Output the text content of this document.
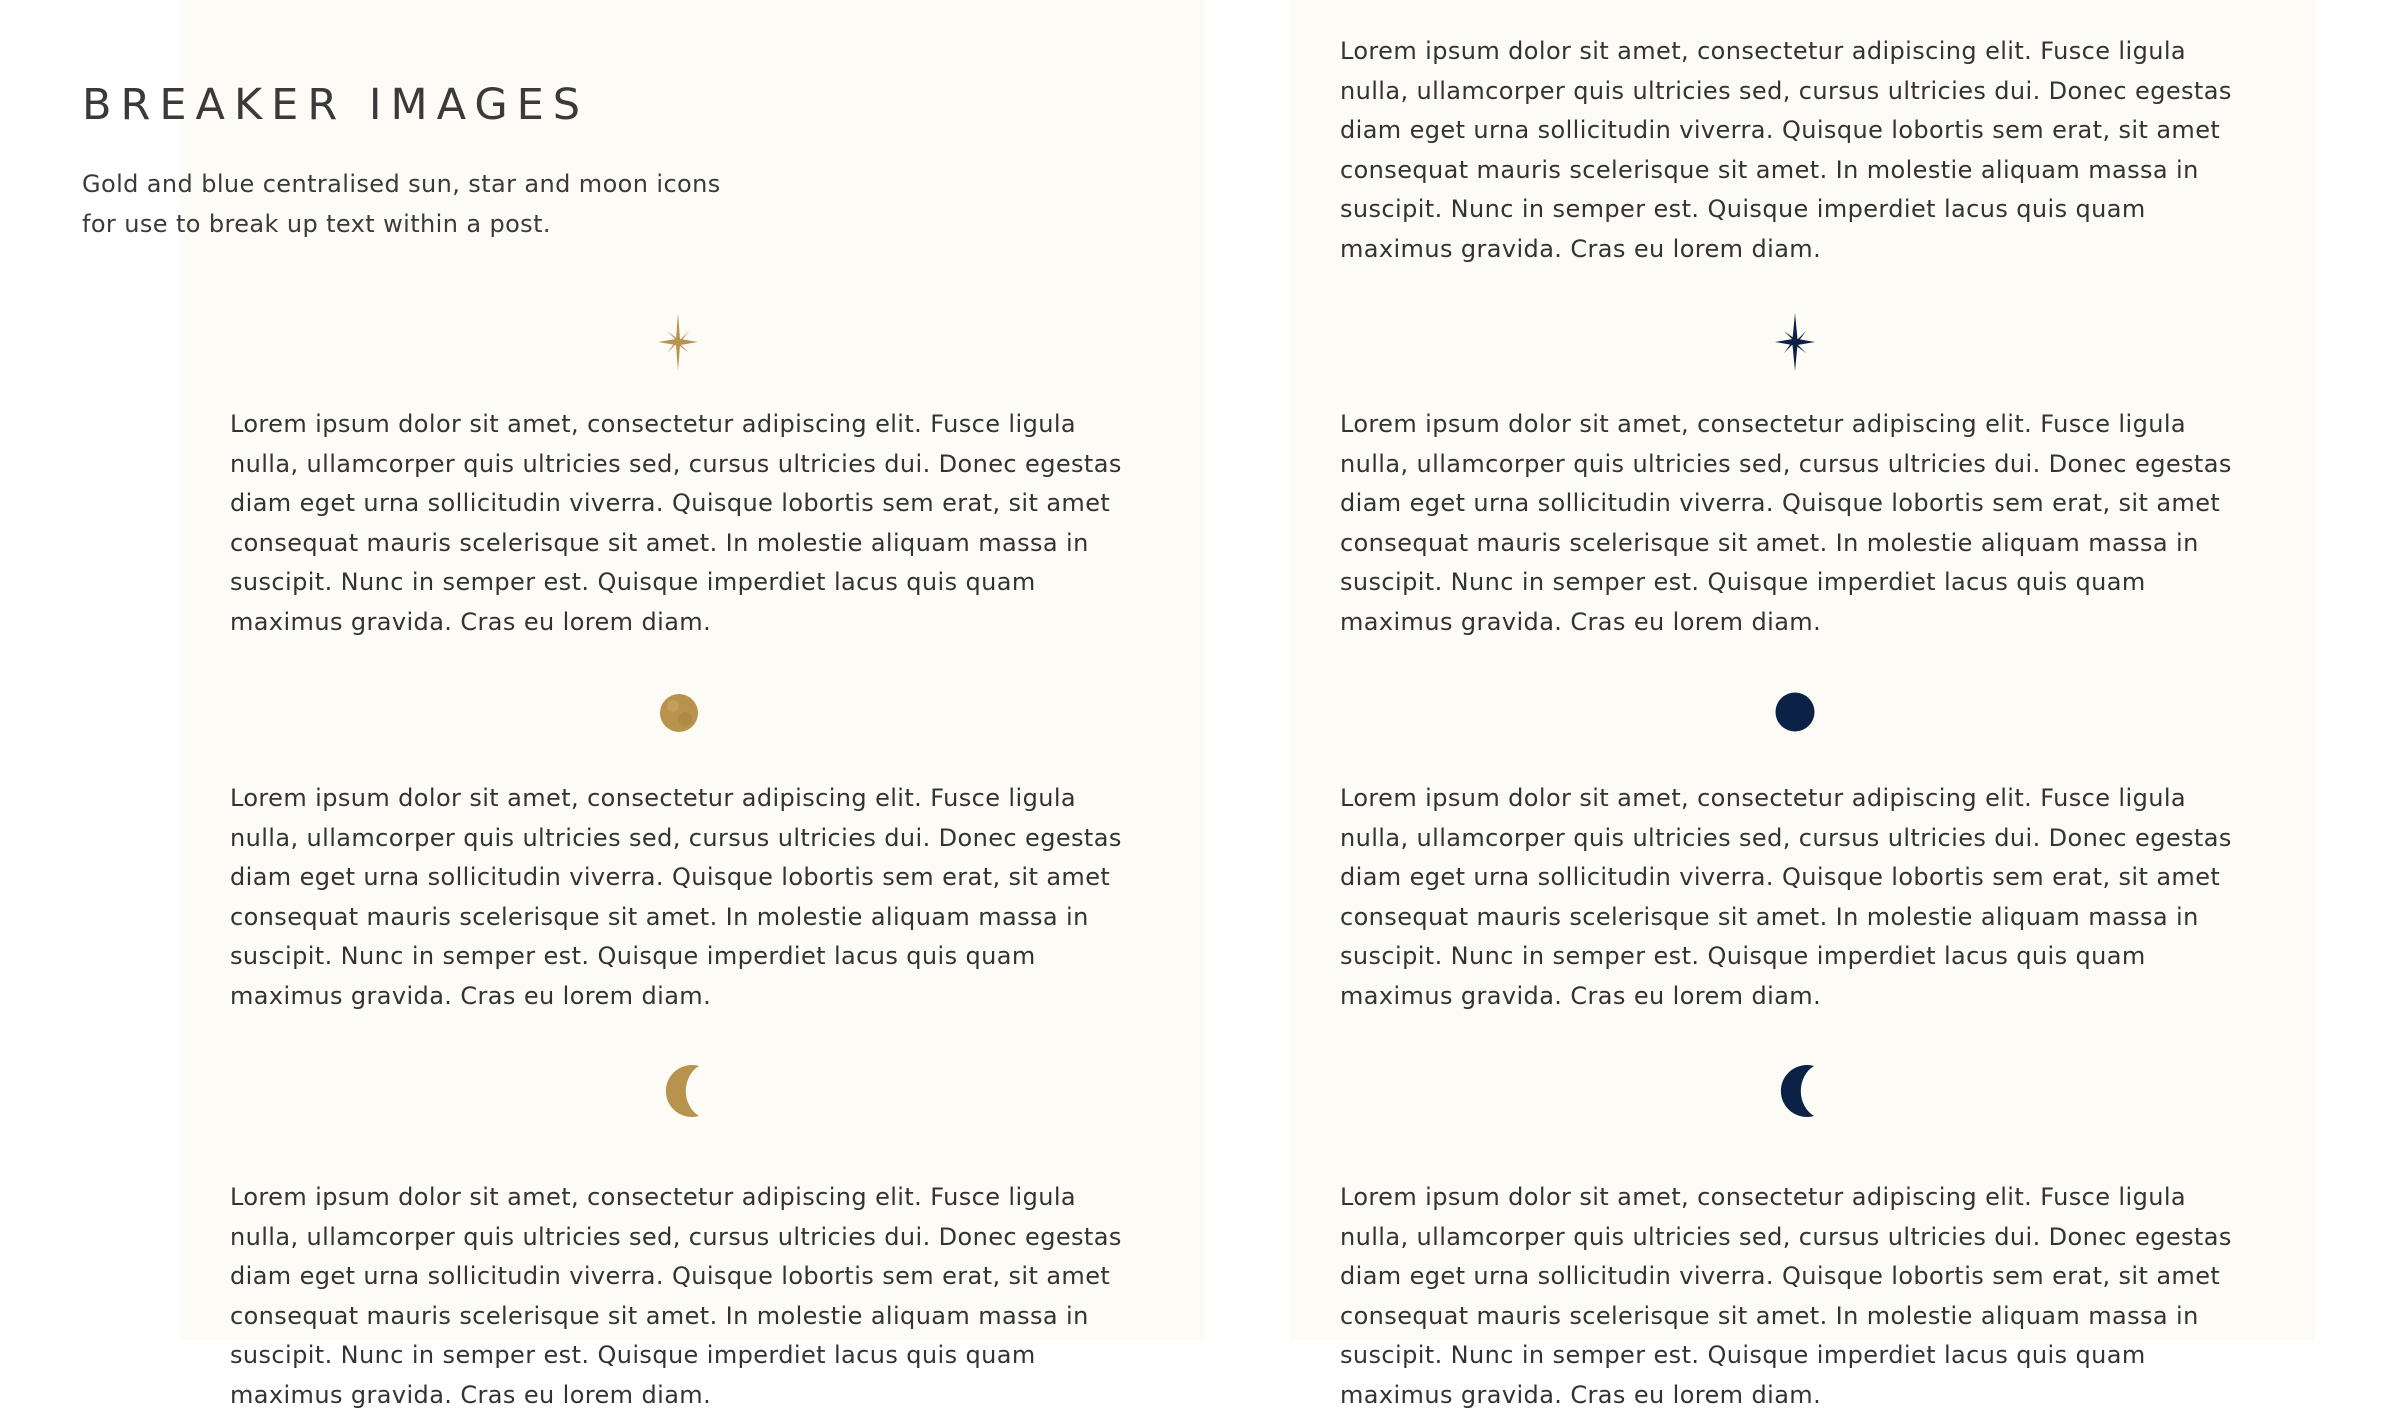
BREAKER IMAGES

Gold and blue centralised sun, star and moon icons for use to break up text within a post.

Lorem ipsum dolor sit amet, consectetur adipiscing elit. Fusce ligula nulla, ullamcorper quis ultricies sed, cursus ultricies dui. Donec egestas diam eget urna sollicitudin viverra. Quisque lobortis sem erat, sit amet consequat mauris scelerisque sit amet. In molestie aliquam massa in suscipit. Nunc in semper est. Quisque imperdiet lacus quis quam maximus gravida. Cras eu lorem diam.

Lorem ipsum dolor sit amet, consectetur adipiscing elit. Fusce ligula nulla, ullamcorper quis ultricies sed, cursus ultricies dui. Donec egestas diam eget urna sollicitudin viverra. Quisque lobortis sem erat, sit amet consequat mauris scelerisque sit amet. In molestie aliquam massa in suscipit. Nunc in semper est. Quisque imperdiet lacus quis quam maximus gravida. Cras eu lorem diam.

Lorem ipsum dolor sit amet, consectetur adipiscing elit. Fusce ligula nulla, ullamcorper quis ultricies sed, cursus ultricies dui. Donec egestas diam eget urna sollicitudin viverra. Quisque lobortis sem erat, sit amet consequat mauris scelerisque sit amet. In molestie aliquam massa in suscipit. Nunc in semper est. Quisque imperdiet lacus quis quam maximus gravida. Cras eu lorem diam.

Lorem ipsum dolor sit amet, consectetur adipiscing elit. Fusce ligula nulla, ullamcorper quis ultricies sed, cursus ultricies dui. Donec egestas diam eget urna sollicitudin viverra. Quisque lobortis sem erat, sit amet consequat mauris scelerisque sit amet. In molestie aliquam massa in suscipit. Nunc in semper est. Quisque imperdiet lacus quis quam maximus gravida. Cras eu lorem diam.

Lorem ipsum dolor sit amet, consectetur adipiscing elit. Fusce ligula nulla, ullamcorper quis ultricies sed, cursus ultricies dui. Donec egestas diam eget urna sollicitudin viverra. Quisque lobortis sem erat, sit amet consequat mauris scelerisque sit amet. In molestie aliquam massa in suscipit. Nunc in semper est. Quisque imperdiet lacus quis quam maximus gravida. Cras eu lorem diam.

Lorem ipsum dolor sit amet, consectetur adipiscing elit. Fusce ligula nulla, ullamcorper quis ultricies sed, cursus ultricies dui. Donec egestas diam eget urna sollicitudin viverra. Quisque lobortis sem erat, sit amet consequat mauris scelerisque sit amet. In molestie aliquam massa in suscipit. Nunc in semper est. Quisque imperdiet lacus quis quam maximus gravida. Cras eu lorem diam.

Lorem ipsum dolor sit amet, consectetur adipiscing elit. Fusce ligula nulla, ullamcorper quis ultricies sed, cursus ultricies dui. Donec egestas diam eget urna sollicitudin viverra. Quisque lobortis sem erat, sit amet consequat mauris scelerisque sit amet. In molestie aliquam massa in suscipit. Nunc in semper est. Quisque imperdiet lacus quis quam maximus gravida. Cras eu lorem diam.
